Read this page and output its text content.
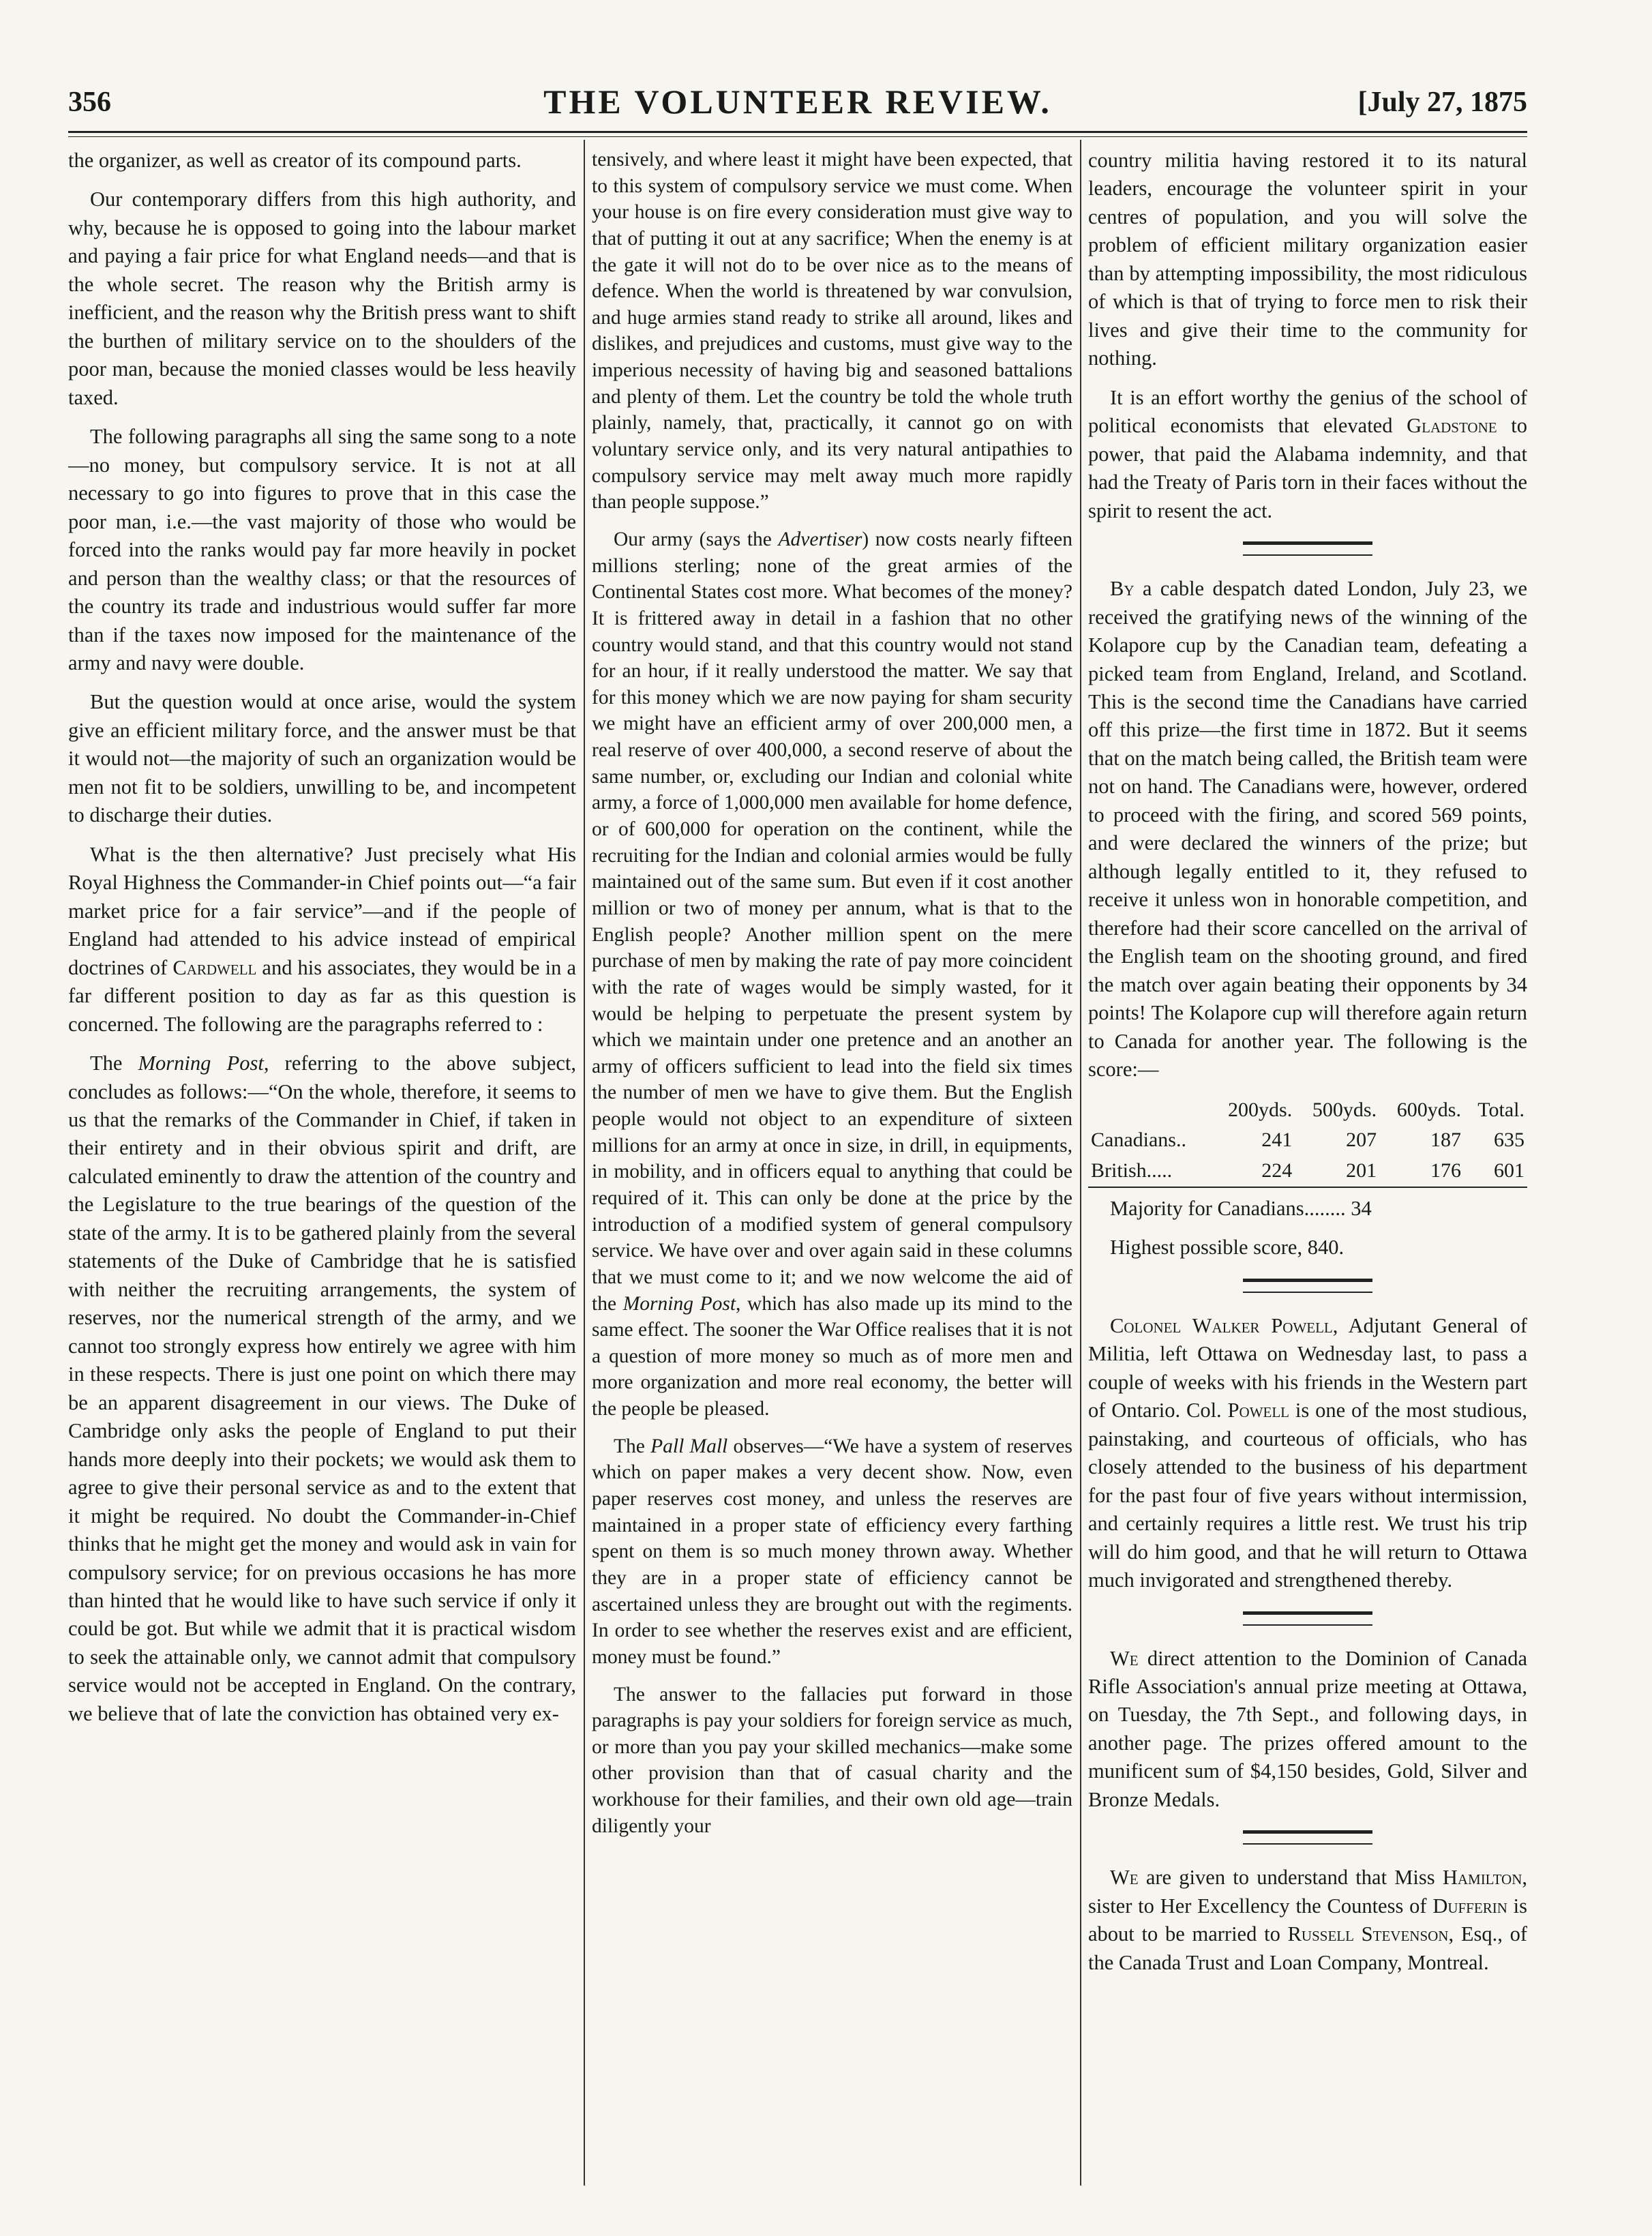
356	THE VOLUNTEER REVIEW.	[July 27, 1875

the organizer, as well as creator of its compound parts.

Our contemporary differs from this high authority, and why, because he is opposed to going into the labour market and paying a fair price for what England needs—and that is the whole secret. The reason why the British army is inefficient, and the reason why the British press want to shift the burthen of military service on to the shoulders of the poor man, because the monied classes would be less heavily taxed.

The following paragraphs all sing the same song to a note—no money, but compulsory service. It is not at all necessary to go into figures to prove that in this case the poor man, i.e.—the vast majority of those who would be forced into the ranks would pay far more heavily in pocket and person than the wealthy class; or that the resources of the country its trade and industrious would suffer far more than if the taxes now imposed for the maintenance of the army and navy were double.

But the question would at once arise, would the system give an efficient military force, and the answer must be that it would not—the majority of such an organization would be men not fit to be soldiers, unwilling to be, and incompetent to discharge their duties.

What is the then alternative? Just precisely what His Royal Highness the Commander-in Chief points out—“a fair market price for a fair service”—and if the people of England had attended to his advice instead of empirical doctrines of Cardwell and his associates, they would be in a far different position to day as far as this question is concerned. The following are the paragraphs referred to :

The Morning Post, referring to the above subject, concludes as follows:—“On the whole, therefore, it seems to us that the remarks of the Commander in Chief, if taken in their entirety and in their obvious spirit and drift, are calculated eminently to draw the attention of the country and the Legislature to the true bearings of the question of the state of the army. It is to be gathered plainly from the several statements of the Duke of Cambridge that he is satisfied with neither the recruiting arrangements, the system of reserves, nor the numerical strength of the army, and we cannot too strongly express how entirely we agree with him in these respects. There is just one point on which there may be an apparent disagreement in our views. The Duke of Cambridge only asks the people of England to put their hands more deeply into their pockets; we would ask them to agree to give their personal service as and to the extent that it might be required. No doubt the Commander-in-Chief thinks that he might get the money and would ask in vain for compulsory service; for on previous occasions he has more than hinted that he would like to have such service if only it could be got. But while we admit that it is practical wisdom to seek the attainable only, we cannot admit that compulsory service would not be accepted in England. On the contrary, we believe that of late the conviction has obtained very ex-

tensively, and where least it might have been expected, that to this system of compulsory service we must come. When your house is on fire every consideration must give way to that of putting it out at any sacrifice; When the enemy is at the gate it will not do to be over nice as to the means of defence. When the world is threatened by war convulsion, and huge armies stand ready to strike all around, likes and dislikes, and prejudices and customs, must give way to the imperious necessity of having big and seasoned battalions and plenty of them. Let the country be told the whole truth plainly, namely, that, practically, it cannot go on with voluntary service only, and its very natural antipathies to compulsory service may melt away much more rapidly than people suppose.”

Our army (says the Advertiser) now costs nearly fifteen millions sterling; none of the great armies of the Continental States cost more. What becomes of the money? It is frittered away in detail in a fashion that no other country would stand, and that this country would not stand for an hour, if it really understood the matter. We say that for this money which we are now paying for sham security we might have an efficient army of over 200,000 men, a real reserve of over 400,000, a second reserve of about the same number, or, excluding our Indian and colonial white army, a force of 1,000,000 men available for home defence, or of 600,000 for operation on the continent, while the recruiting for the Indian and colonial armies would be fully maintained out of the same sum. But even if it cost another million or two of money per annum, what is that to the English people? Another million spent on the mere purchase of men by making the rate of pay more coincident with the rate of wages would be simply wasted, for it would be helping to perpetuate the present system by which we maintain under one pretence and an another an army of officers sufficient to lead into the field six times the number of men we have to give them. But the English people would not object to an expenditure of sixteen millions for an army at once in size, in drill, in equipments, in mobility, and in officers equal to anything that could be required of it. This can only be done at the price by the introduction of a modified system of general compulsory service. We have over and over again said in these columns that we must come to it; and we now welcome the aid of the Morning Post, which has also made up its mind to the same effect. The sooner the War Office realises that it is not a question of more money so much as of more men and more organization and more real economy, the better will the people be pleased.

The Pall Mall observes—“We have a system of reserves which on paper makes a very decent show. Now, even paper reserves cost money, and unless the reserves are maintained in a proper state of efficiency every farthing spent on them is so much money thrown away. Whether they are in a proper state of efficiency cannot be ascertained unless they are brought out with the regiments. In order to see whether the reserves exist and are efficient, money must be found.”

The answer to the fallacies put forward in those paragraphs is pay your soldiers for foreign service as much, or more than you pay your skilled mechanics—make some other provision than that of casual charity and the workhouse for their families, and their own old age—train diligently your

country militia having restored it to its natural leaders, encourage the volunteer spirit in your centres of population, and you will solve the problem of efficient military organization easier than by attempting impossibility, the most ridiculous of which is that of trying to force men to risk their lives and give their time to the community for nothing.

It is an effort worthy the genius of the school of political economists that elevated Gladstone to power, that paid the Alabama indemnity, and that had the Treaty of Paris torn in their faces without the spirit to resent the act.

By a cable despatch dated London, July 23, we received the gratifying news of the winning of the Kolapore cup by the Canadian team, defeating a picked team from England, Ireland, and Scotland. This is the second time the Canadians have carried off this prize—the first time in 1872. But it seems that on the match being called, the British team were not on hand. The Canadians were, however, ordered to proceed with the firing, and scored 569 points, and were declared the winners of the prize; but although legally entitled to it, they refused to receive it unless won in honorable competition, and therefore had their score cancelled on the arrival of the English team on the shooting ground, and fired the match over again beating their opponents by 34 points! The Kolapore cup will therefore again return to Canada for another year. The following is the score:—

	200yds.	500yds.	600yds.	Total.
Canadians..	241	207	187	635
British.....	224	201	176	601

Majority for Canadians........ 34

Highest possible score, 840.

Colonel Walker Powell, Adjutant General of Militia, left Ottawa on Wednesday last, to pass a couple of weeks with his friends in the Western part of Ontario. Col. Powell is one of the most studious, painstaking, and courteous of officials, who has closely attended to the business of his department for the past four of five years without intermission, and certainly requires a little rest. We trust his trip will do him good, and that he will return to Ottawa much invigorated and strengthened thereby.

We direct attention to the Dominion of Canada Rifle Association's annual prize meeting at Ottawa, on Tuesday, the 7th Sept., and following days, in another page. The prizes offered amount to the munificent sum of $4,150 besides, Gold, Silver and Bronze Medals.

We are given to understand that Miss Hamilton, sister to Her Excellency the Countess of Dufferin is about to be married to Russell Stevenson, Esq., of the Canada Trust and Loan Company, Montreal.
